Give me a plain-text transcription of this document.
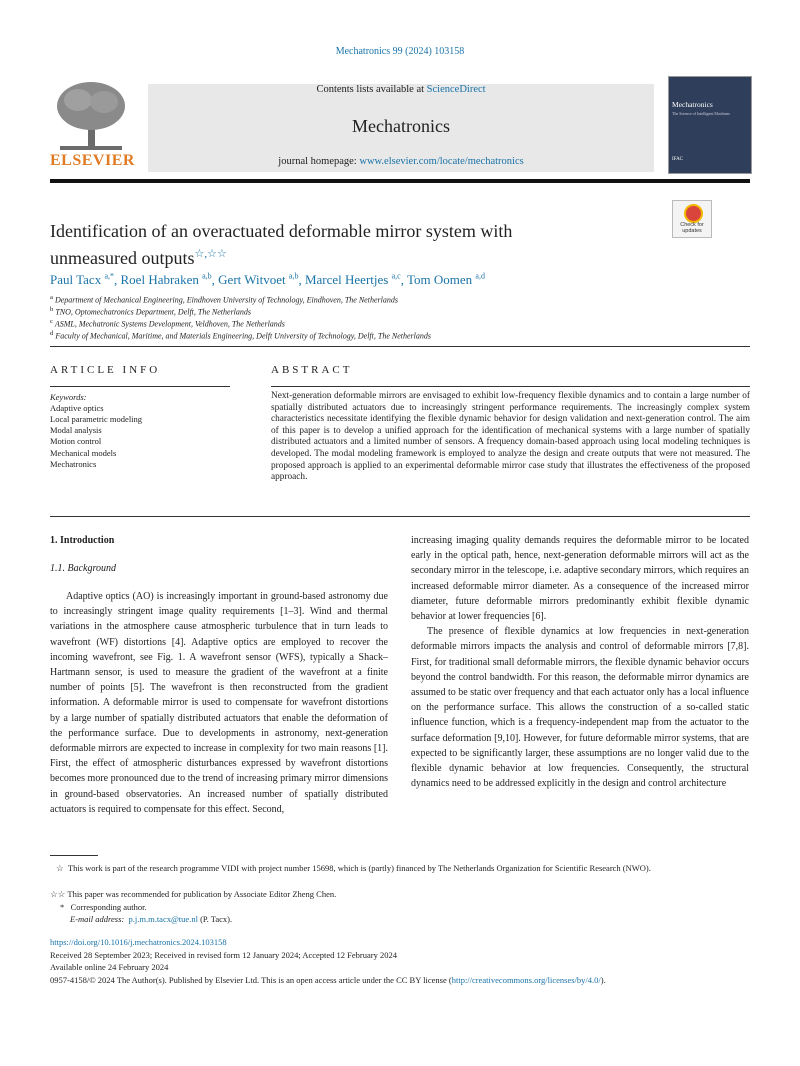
Mechatronics 99 (2024) 103158
ELSEVIER
Contents lists available at ScienceDirect
Mechatronics
journal homepage: www.elsevier.com/locate/mechatronics
Mechatronics
The Science of Intelligent Machines
IFAC
Identification of an overactuated deformable mirror system with
unmeasured outputs☆,☆☆
Check for
updates
Paul Tacx $^{a,*}$, Roel Habraken $^{a,b}$, Gert Witvoet $^{a,b}$, Marcel Heertjes $^{a,c}$, Tom Oomen $^{a,d}$
$^a$ Department of Mechanical Engineering, Eindhoven University of Technology, Eindhoven, The Netherlands
$^b$ TNO, Optomechatronics Department, Delft, The Netherlands
$^c$ ASML, Mechatronic Systems Development, Veldhoven, The Netherlands
$^d$ Faculty of Mechanical, Maritime, and Materials Engineering, Delft University of Technology, Delft, The Netherlands
ARTICLE INFO	ABSTRACT
Keywords:
Adaptive optics
Local parametric modeling
Modal analysis
Motion control
Mechanical models
Mechatronics
Next-generation deformable mirrors are envisaged to exhibit low-frequency flexible dynamics and to contain a large number of spatially distributed actuators due to increasingly stringent performance requirements. The increasingly complex system characteristics necessitate identifying the flexible dynamic behavior for design validation and next-generation control. The aim of this paper is to develop a unified approach for the identification of mechanical systems with a large number of spatially distributed actuators and a limited number of sensors. A frequency domain-based approach using local modeling techniques is developed. The modal modeling framework is employed to analyze the design and create outputs that were not measured. The proposed approach is applied to an experimental deformable mirror case study that illustrates the effectiveness of the proposed approach.
1. Introduction
1.1. Background

Adaptive optics (AO) is increasingly important in ground-based astronomy due to increasingly stringent image quality requirements [1–3]. Wind and thermal variations in the atmosphere cause atmospheric turbulence that in turn leads to wavefront (WF) distortions [4]. Adaptive optics are employed to recover the incoming wavefront, see Fig. 1. A wavefront sensor (WFS), typically a Shack–Hartmann sensor, is used to measure the gradient of the wavefront at a finite number of points [5]. The wavefront is then reconstructed from the gradient information. A deformable mirror is used to compensate for wavefront distortions by a large number of spatially distributed actuators that enable the deformation of the performance surface. Due to developments in astronomy, next-generation deformable mirrors are expected to increase in complexity for two main reasons [1]. First, the effect of atmospheric disturbances expressed by wavefront distortions becomes more pronounced due to the trend of increasing primary mirror dimensions in ground-based observatories. An increased number of spatially distributed actuators is required to compensate for this effect. Second,

increasing imaging quality demands requires the deformable mirror to be located early in the optical path, hence, next-generation deformable mirrors will act as the secondary mirror in the telescope, i.e. adaptive secondary mirrors, which requires an increased deformable mirror diameter. As a consequence of the increased mirror diameter, future deformable mirrors predominantly exhibit flexible dynamic behavior at lower frequencies [6].

The presence of flexible dynamics at low frequencies in next-generation deformable mirrors impacts the analysis and control of deformable mirrors [7,8]. First, for traditional small deformable mirrors, the flexible dynamic behavior occurs beyond the control bandwidth. For this reason, the deformable mirror dynamics are assumed to be static over frequency and that each actuator only has a local influence on the performance surface. This allows the construction of a so-called static influence function, which is a frequency-independent map from the actuator to the surface deformation [9,10]. However, for future deformable mirror systems, that are expected to be significantly larger, these assumptions are no longer valid due to the flexible dynamic behavior at low frequencies. Consequently, the structural dynamics need to be addressed explicitly in the design and control architecture

☆ This work is part of the research programme VIDI with project number 15698, which is (partly) financed by The Netherlands Organization for Scientific Research (NWO).
☆☆ This paper was recommended for publication by Associate Editor Zheng Chen.
* Corresponding author.
E-mail address: p.j.m.m.tacx@tue.nl (P. Tacx).
https://doi.org/10.1016/j.mechatronics.2024.103158
Received 28 September 2023; Received in revised form 12 January 2024; Accepted 12 February 2024
Available online 24 February 2024
0957-4158/© 2024 The Author(s). Published by Elsevier Ltd. This is an open access article under the CC BY license (http://creativecommons.org/licenses/by/4.0/).
